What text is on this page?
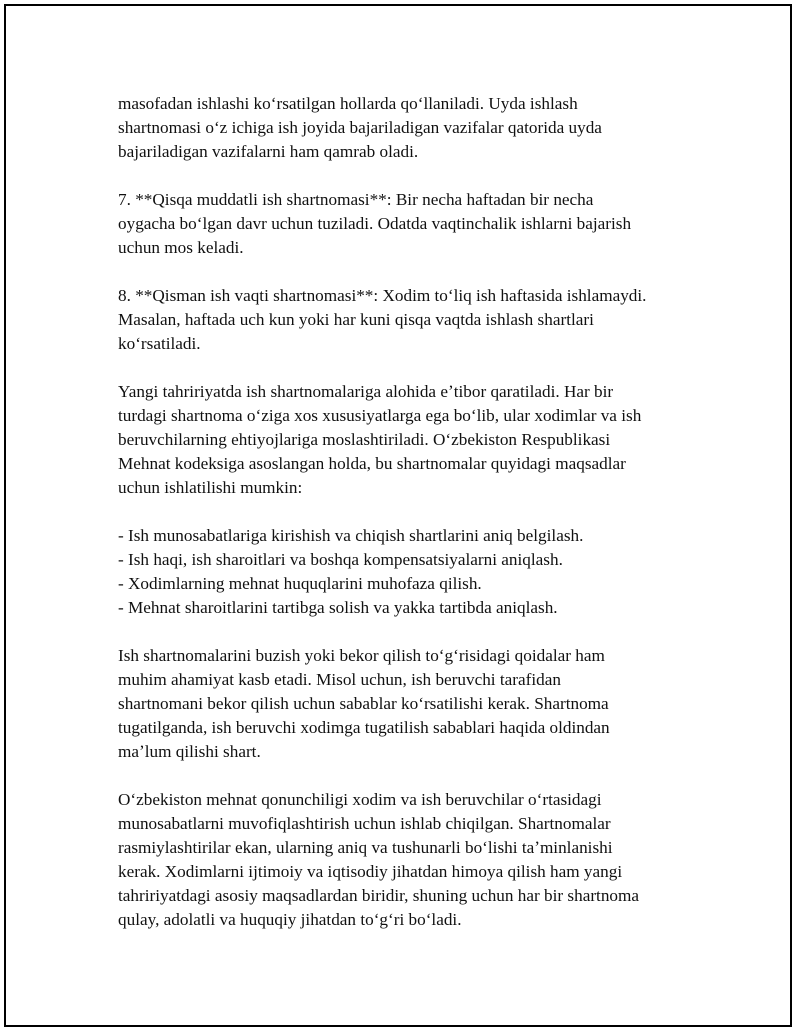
masofadan ishlashi koʻrsatilgan hollarda qoʻllaniladi. Uyda ishlash
shartnomasi oʻz ichiga ish joyida bajariladigan vazifalar qatorida uyda
bajariladigan vazifalarni ham qamrab oladi.

7. **Qisqa muddatli ish shartnomasi**: Bir necha haftadan bir necha
oygacha boʻlgan davr uchun tuziladi. Odatda vaqtinchalik ishlarni bajarish
uchun mos keladi.

8. **Qisman ish vaqti shartnomasi**: Xodim toʻliq ish haftasida ishlamaydi.
Masalan, haftada uch kun yoki har kuni qisqa vaqtda ishlash shartlari
koʻrsatiladi.

Yangi tahririyatda ish shartnomalariga alohida eʼtibor qaratiladi. Har bir
turdagi shartnoma oʻziga xos xususiyatlarga ega boʻlib, ular xodimlar va ish
beruvchilarning ehtiyojlariga moslashtiriladi. Oʻzbekiston Respublikasi
Mehnat kodeksiga asoslangan holda, bu shartnomalar quyidagi maqsadlar
uchun ishlatilishi mumkin:

- Ish munosabatlariga kirishish va chiqish shartlarini aniq belgilash.
- Ish haqi, ish sharoitlari va boshqa kompensatsiyalarni aniqlash.
- Xodimlarning mehnat huquqlarini muhofaza qilish.
- Mehnat sharoitlarini tartibga solish va yakka tartibda aniqlash.

Ish shartnomalarini buzish yoki bekor qilish toʻgʻrisidagi qoidalar ham
muhim ahamiyat kasb etadi. Misol uchun, ish beruvchi tarafidan
shartnomani bekor qilish uchun sabablar koʻrsatilishi kerak. Shartnoma
tugatilganda, ish beruvchi xodimga tugatilish sabablari haqida oldindan
maʼlum qilishi shart.

Oʻzbekiston mehnat qonunchiligi xodim va ish beruvchilar oʻrtasidagi
munosabatlarni muvofiqlashtirish uchun ishlab chiqilgan. Shartnomalar
rasmiylashtirilar ekan, ularning aniq va tushunarli boʻlishi taʼminlanishi
kerak. Xodimlarni ijtimoiy va iqtisodiy jihatdan himoya qilish ham yangi
tahririyatdagi asosiy maqsadlardan biridir, shuning uchun har bir shartnoma
qulay, adolatli va huquqiy jihatdan toʻgʻri boʻladi.
